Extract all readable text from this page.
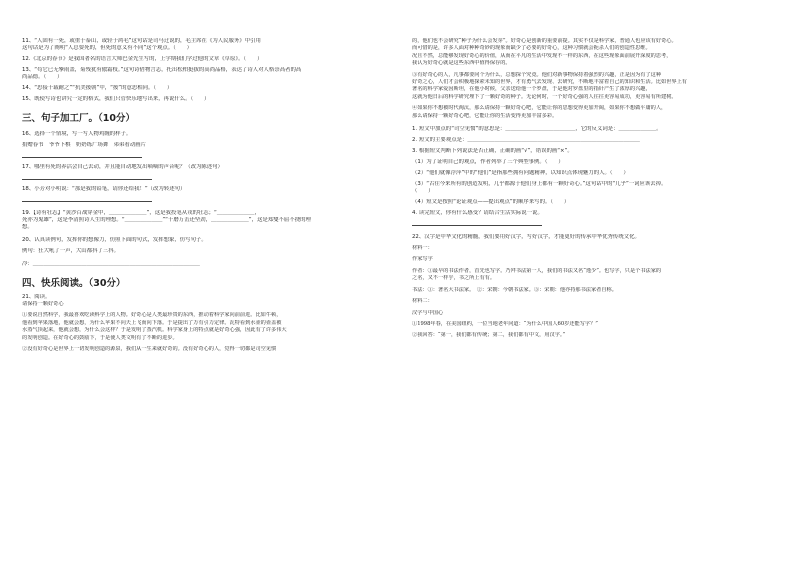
11、“人固有一死，或重于泰山，或轻于鸿毛”这句话是司马迁说的，毛主席在《为人民服务》中引用
这句话是为了阐明“人总要死的，但死的意义有不同”这个观点。（　　）
12.《北京的春节》是我国著名的语言大师巴金先生写的，上学期我们学过他的文章《草原》。（　　）
13、“苟它已无擎雨盖，菊残犹有傲霜枝。”这句诗借物言志，托出松柏挺拔的高尚品格，表达了诗人对人格崇高者的高
尚品德。（　　）
14、“思接千载耐之”“抗美援朝”中，“援”的意思相同。（　　）
15、既使写诗也讲究一定的格式，我们只管快乐地写出来，再说什么。（　　）
三、句子加工厂。（10分）
16、选择一个情境，写一写人物鸡缠的样子。
捐赠春书　爷爷下棋　奶奶练广场舞　弟弟看动画片
17、哪里有死的养活会自己去动，并且能自动地发出嘀嘀的声音呢？（改为陈述句）
18、小芳对小明说：“那是我的铅笔，请你还给我！”（改为转述句）
19.【诗有壮志】“黄沙百战穿金甲，＿＿＿＿＿＿＿”，这是我投笔从戎的壮志；“＿＿＿＿＿＿＿，
死亦为鬼雄”，这是李清照诗人生的理想。“＿＿＿＿＿＿＿”“千磨万击还坚劲，＿＿＿＿＿＿＿”，这是郑燮不屈不挠的理
想。
20、认真读例句，发挥你的想像力，仿照下面的句式，发挥想象，仿写句子。
例句：狂大吼了一声，大山都抖了三抖。
冷：＿＿＿＿＿＿＿＿＿＿＿＿＿＿＿＿＿＿＿＿＿＿＿＿＿＿＿＿＿＿＿
四、快乐阅读。（30分）
21、阅读。
请保持一颗好奇心
①要说自然科学，我最喜欢吃读科学上的人物。好奇心是人类最珍贵的东西，推动着科学家向前前进。比如牛顿，
他看到苹果落地，他就会想，为什么苹果不向天上飞而向下落。于是提出了万有引力定律。瓦特看到水壶的壶盖被
水蒸气顶起来，他就会想，为什么会这样？于是发明了蒸汽机。科学家身上的特点就是好奇心强，因此有了许多伟大
的发明创造。在好奇心的鼓励下，于是使人类文明有了不断的进步。
②没有好奇心是世界上一切发明创造的源泉，我们从一生来就好奇的。没有好奇心的人，觉得一切都是司空见惯
的，他们也不会研究“种子为什么会发芽”。好奇心是创新的重要前提。其实不仅是科学家，普通人也应该有好奇心。
而可惜的是，许多人面对种种奇妙的现象而缺少了必要的好奇心，这种习惯就会扼杀人们的创造性思维。
况且不然，总能够发现好奇心的价值，从而在平凡的生活中发现不一样的东西，在这些现象面前展开深度的思考，
我认为好奇心就是这些东西中值得保存的。
③有好奇心的人，凡事都要问个为什么，总想探个究竟。他们对新事物保持着强烈的兴趣，正是因为有了这种
好奇之心，人们才会积极地探索未知的世界，才有勇气去发现、去研究，不断地丰富着自己的知识和生活。比如世界上有
著名的科学家爱因斯坦，在他小时候，父亲送给他一个罗盘，于是他对罗盘里的指针产生了浓厚的兴趣，
这就为他日后的科学研究埋下了一颗好奇的种子。无论何时，一个好奇心强的人往往更容易成功，更容易有所建树。
④如果你不想被时代淘汰，那么请保持一颗好奇心吧，它能让你的思想变得更加开阔，如果你不想做平庸的人，
那么请保持一颗好奇心吧，它能让你的生活变得更加丰富多彩。
1. 短文中加点的“司空见惯”的意思是：＿＿＿＿＿＿＿＿＿＿＿＿＿，它的反义词是：＿＿＿＿＿＿＿。
2. 短文的主要观点是：＿＿＿＿＿＿＿＿＿＿＿＿＿＿＿＿＿＿＿＿＿＿＿＿＿＿＿＿＿＿＿＿
3. 根据短文判断下列说法是否正确，正确的画“√”，错误的画“×”。
（1）为了证明自己的观点，作者列举了三个典型事例。（　　）
（2）“他们就像浮萍”中的“他们”是指那些拥有问题精神，以知识点体现魅力的人。（　　）
（3）“古往今来所有的创造发明，几乎都源于他们身上都有一颗好奇心。”这句话中的“几乎”一词应该去掉。
（　　）
（4）短文是按照“论证观点——提出观点”的顺序来写的。（　　）
4. 读完短文，你有什么感受？请结合生活实际说一说。
22、汉字是中华文化的精髓，我们要用好汉字，写好汉字，才能更好的传承中华优秀传统文化。
材料一：
作家写字
作者：①最早的书法作者，首先也写字。乃拜书法第一人，我们的书法又名“逸少”。也写字，只是个书法家的
之名，又不一样乎，书之所上有有。
书法：①：著名大书法家。　②：宋朝：今朝书法家。③：宋朝：他亦持那书法家者自称。
材料二：
汉字与中国心
①1998年春，在美国纽约，一位当地老年问道：“为什么中国人60岁还能写字？”
②我回答：“第一，我们都有传统；第二，我们都有中文，用汉字。”
